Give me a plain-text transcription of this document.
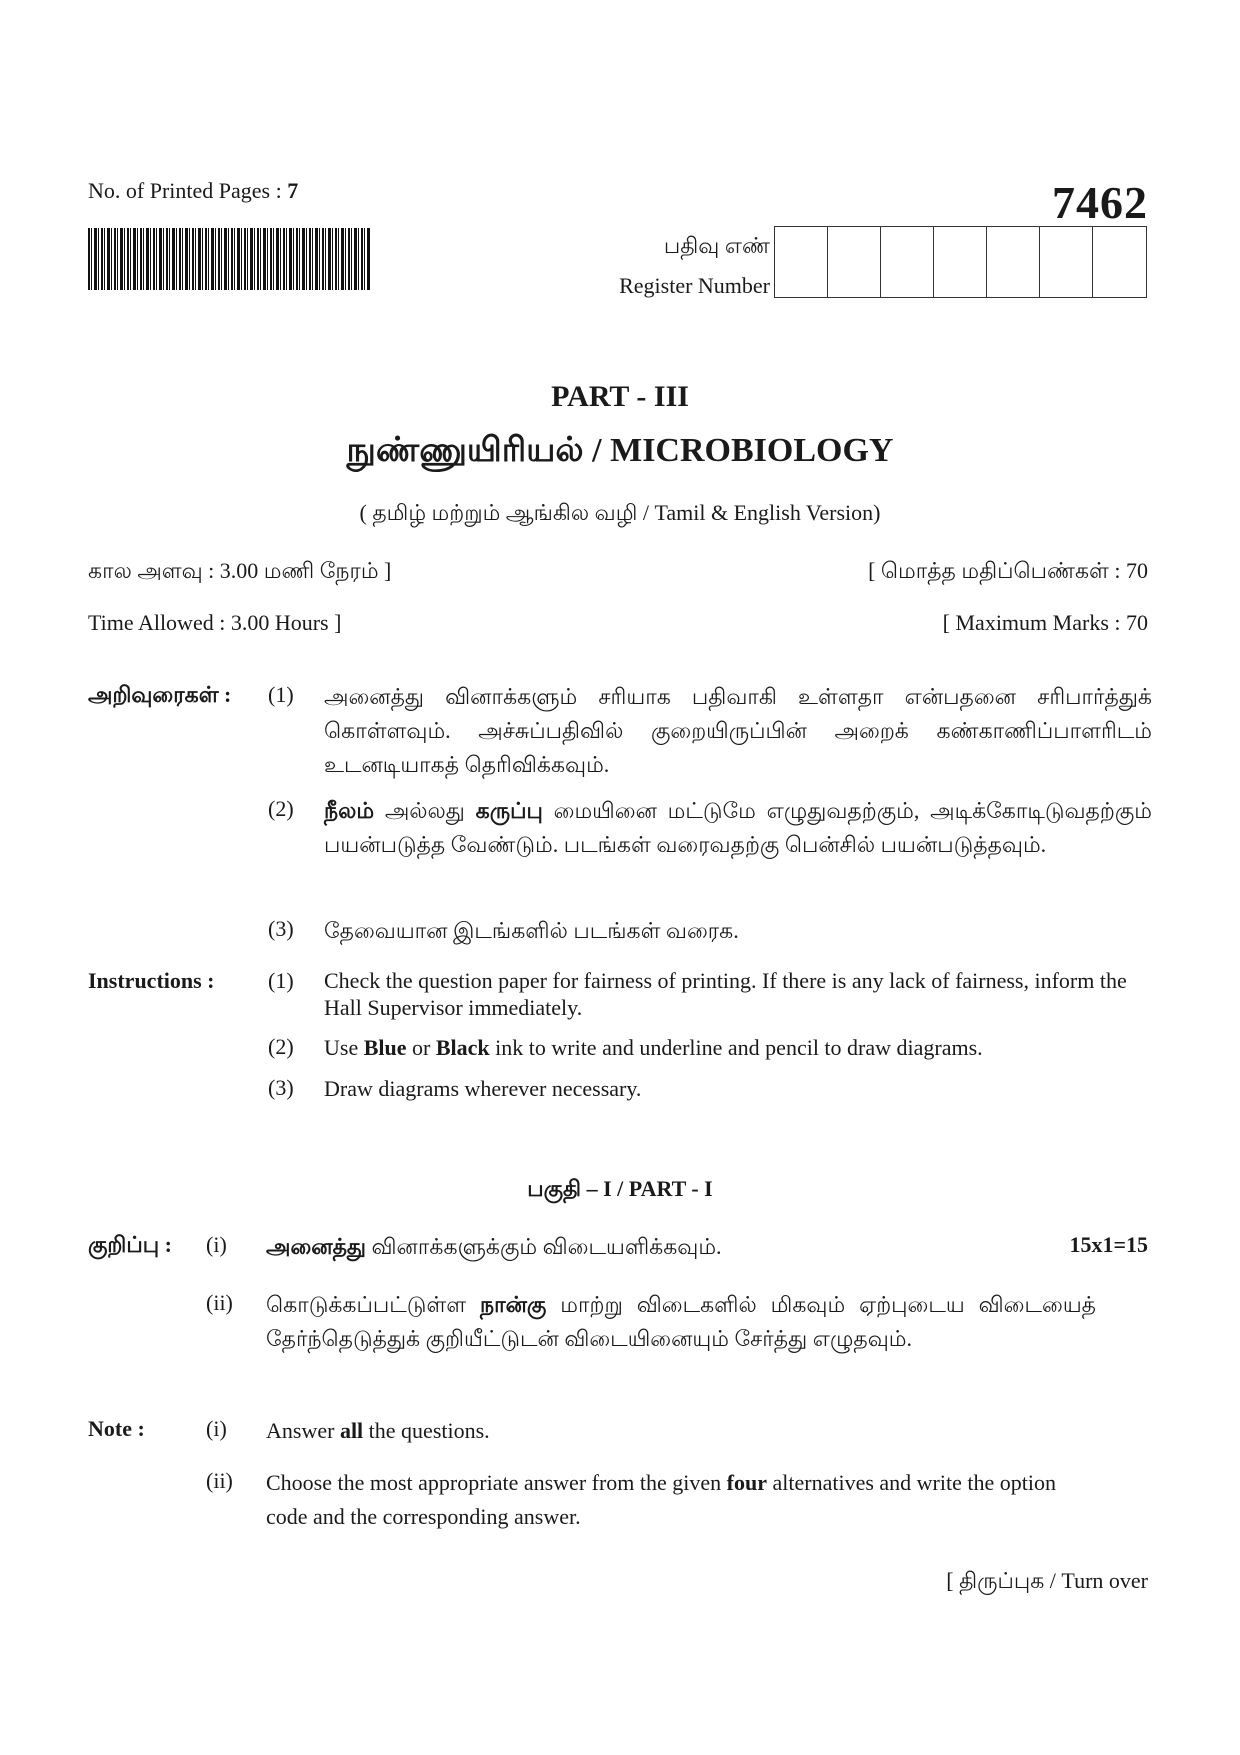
No. of Printed Pages : 7	7462
பதிவு எண்
Register Number
PART - III
நுண்ணுயிரியல் / MICROBIOLOGY
( தமிழ் மற்றும் ஆங்கில வழி / Tamil & English Version)
கால அளவு : 3.00 மணி நேரம் ]	[ மொத்த மதிப்பெண்கள் : 70
Time Allowed : 3.00 Hours ]	[ Maximum Marks : 70
அறிவுரைகள் : (1) அனைத்து வினாக்களும் சரியாக பதிவாகி உள்ளதா என்பதனை சரிபார்த்துக் கொள்ளவும். அச்சுப்பதிவில் குறையிருப்பின் அறைக் கண்காணிப்பாளரிடம் உடனடியாகத் தெரிவிக்கவும்.
(2) நீலம் அல்லது கருப்பு மையினை மட்டுமே எழுதுவதற்கும், அடிக்கோடிடுவதற்கும் பயன்படுத்த வேண்டும். படங்கள் வரைவதற்கு பென்சில் பயன்படுத்தவும்.
(3) தேவையான இடங்களில் படங்கள் வரைக.
Instructions : (1) Check the question paper for fairness of printing. If there is any lack of fairness, inform the Hall Supervisor immediately.
(2) Use Blue or Black ink to write and underline and pencil to draw diagrams.
(3) Draw diagrams wherever necessary.
பகுதி – I / PART - I
குறிப்பு : (i) அனைத்து வினாக்களுக்கும் விடையளிக்கவும்.	15x1=15
(ii) கொடுக்கப்பட்டுள்ள நான்கு மாற்று விடைகளில் மிகவும் ஏற்புடைய விடையைத் தேர்ந்தெடுத்துக் குறியீட்டுடன் விடையினையும் சேர்த்து எழுதவும்.
Note :	(i) Answer all the questions.
(ii) Choose the most appropriate answer from the given four alternatives and write the option code and the corresponding answer.
[ திருப்புக / Turn over
